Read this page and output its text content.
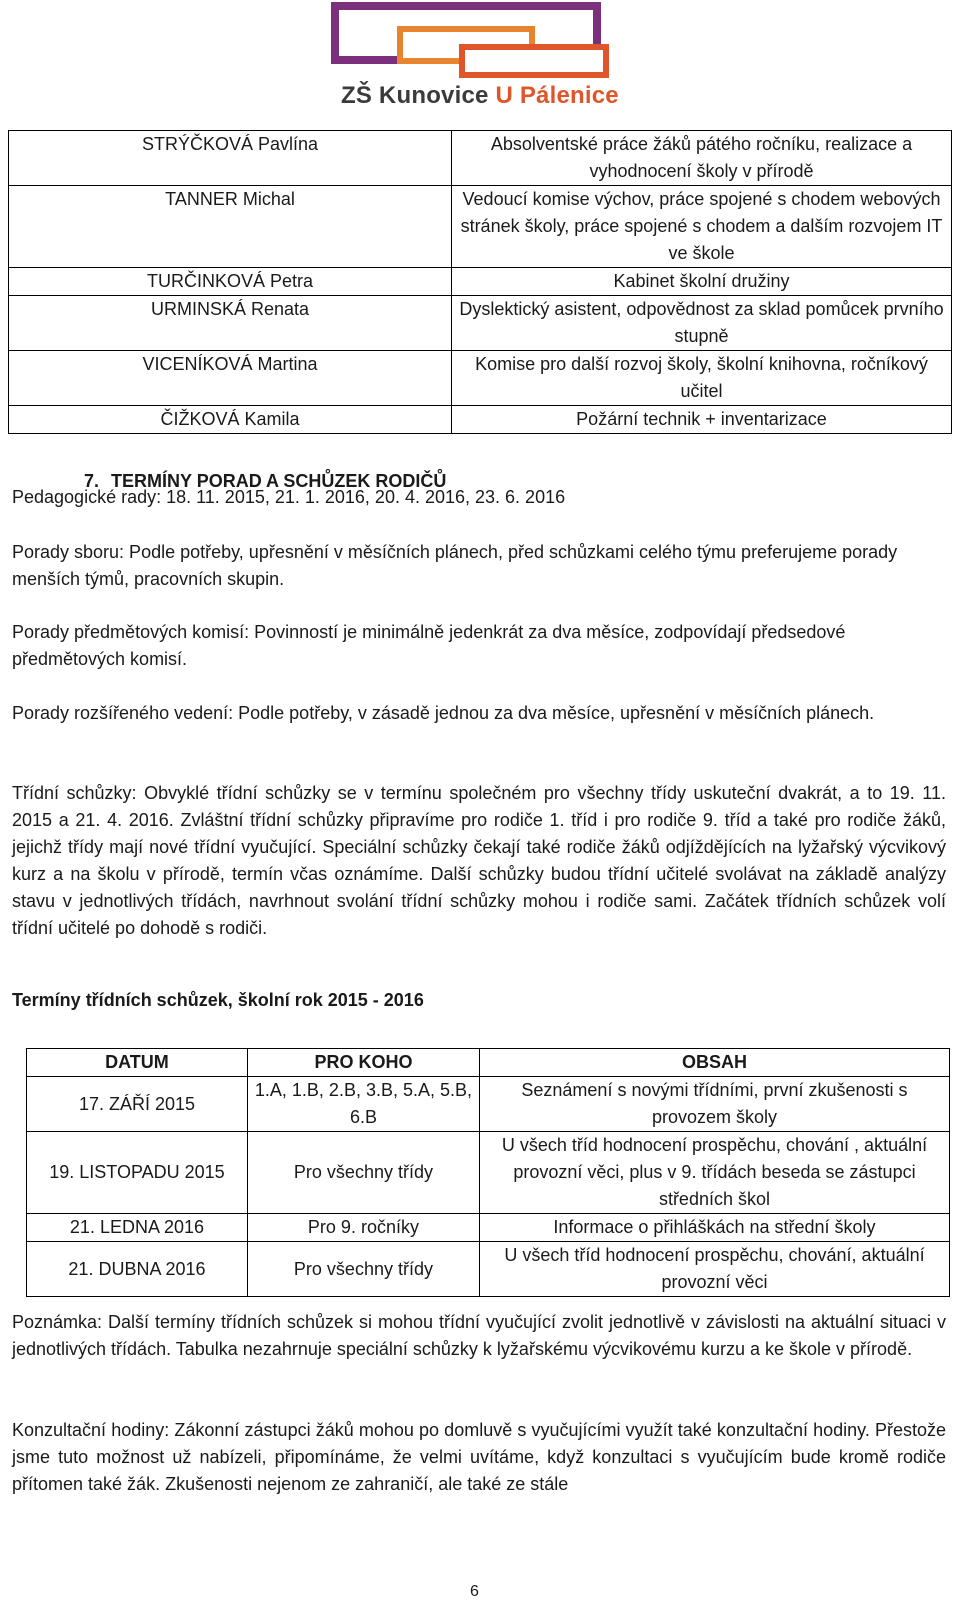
ZŠ Kunovice U Pálenice
STRÝČKOVÁ Pavlína	Absolventské práce žáků pátého ročníku, realizace a vyhodnocení školy v přírodě
TANNER Michal	Vedoucí komise výchov, práce spojené s chodem webových stránek školy, práce spojené s chodem a dalším rozvojem IT ve škole
TURČINKOVÁ Petra	Kabinet školní družiny
URMINSKÁ Renata	Dyslektický asistent, odpovědnost za sklad pomůcek prvního stupně
VICENÍKOVÁ Martina	Komise pro další rozvoj školy, školní knihovna, ročníkový učitel
ČIŽKOVÁ Kamila	Požární technik + inventarizace
7. TERMÍNY PORAD A SCHŮZEK RODIČŮ

Pedagogické rady: 18. 11. 2015, 21. 1. 2016, 20. 4. 2016, 23. 6. 2016

Porady sboru: Podle potřeby, upřesnění v měsíčních plánech, před schůzkami celého týmu preferujeme porady menších týmů, pracovních skupin.

Porady předmětových komisí: Povinností je minimálně jedenkrát za dva měsíce, zodpovídají předsedové předmětových komisí.

Porady rozšířeného vedení: Podle potřeby, v zásadě jednou za dva měsíce, upřesnění v měsíčních plánech.

Třídní schůzky: Obvyklé třídní schůzky se v termínu společném pro všechny třídy uskuteční dvakrát, a to 19. 11. 2015 a 21. 4. 2016. Zvláštní třídní schůzky připravíme pro rodiče 1. tříd i pro rodiče 9. tříd a také pro rodiče žáků, jejichž třídy mají nové třídní vyučující. Speciální schůzky čekají také rodiče žáků odjíždějících na lyžařský výcvikový kurz a na školu v přírodě, termín včas oznámíme. Další schůzky budou třídní učitelé svolávat na základě analýzy stavu v jednotlivých třídách, navrhnout svolání třídní schůzky mohou i rodiče sami. Začátek třídních schůzek volí třídní učitelé po dohodě s rodiči.

Termíny třídních schůzek, školní rok 2015 - 2016
DATUM	PRO KOHO	OBSAH
17. ZÁŘÍ 2015	1.A, 1.B, 2.B, 3.B, 5.A, 5.B, 6.B	Seznámení s novými třídními, první zkušenosti s provozem školy
19. LISTOPADU 2015	Pro všechny třídy	U všech tříd hodnocení prospěchu, chování , aktuální provozní věci, plus v 9. třídách beseda se zástupci středních škol
21. LEDNA 2016	Pro 9. ročníky	Informace o přihláškách na střední školy
21. DUBNA 2016	Pro všechny třídy	U všech tříd hodnocení prospěchu, chování, aktuální provozní věci

Poznámka: Další termíny třídních schůzek si mohou třídní vyučující zvolit jednotlivě v závislosti na aktuální situaci v jednotlivých třídách. Tabulka nezahrnuje speciální schůzky k lyžařskému výcvikovému kurzu a ke škole v přírodě.

Konzultační hodiny: Zákonní zástupci žáků mohou po domluvě s vyučujícími využít také konzultační hodiny. Přestože jsme tuto možnost už nabízeli, připomínáme, že velmi uvítáme, když konzultaci s vyučujícím bude kromě rodiče přítomen také žák. Zkušenosti nejenom ze zahraničí, ale také ze stále

6
